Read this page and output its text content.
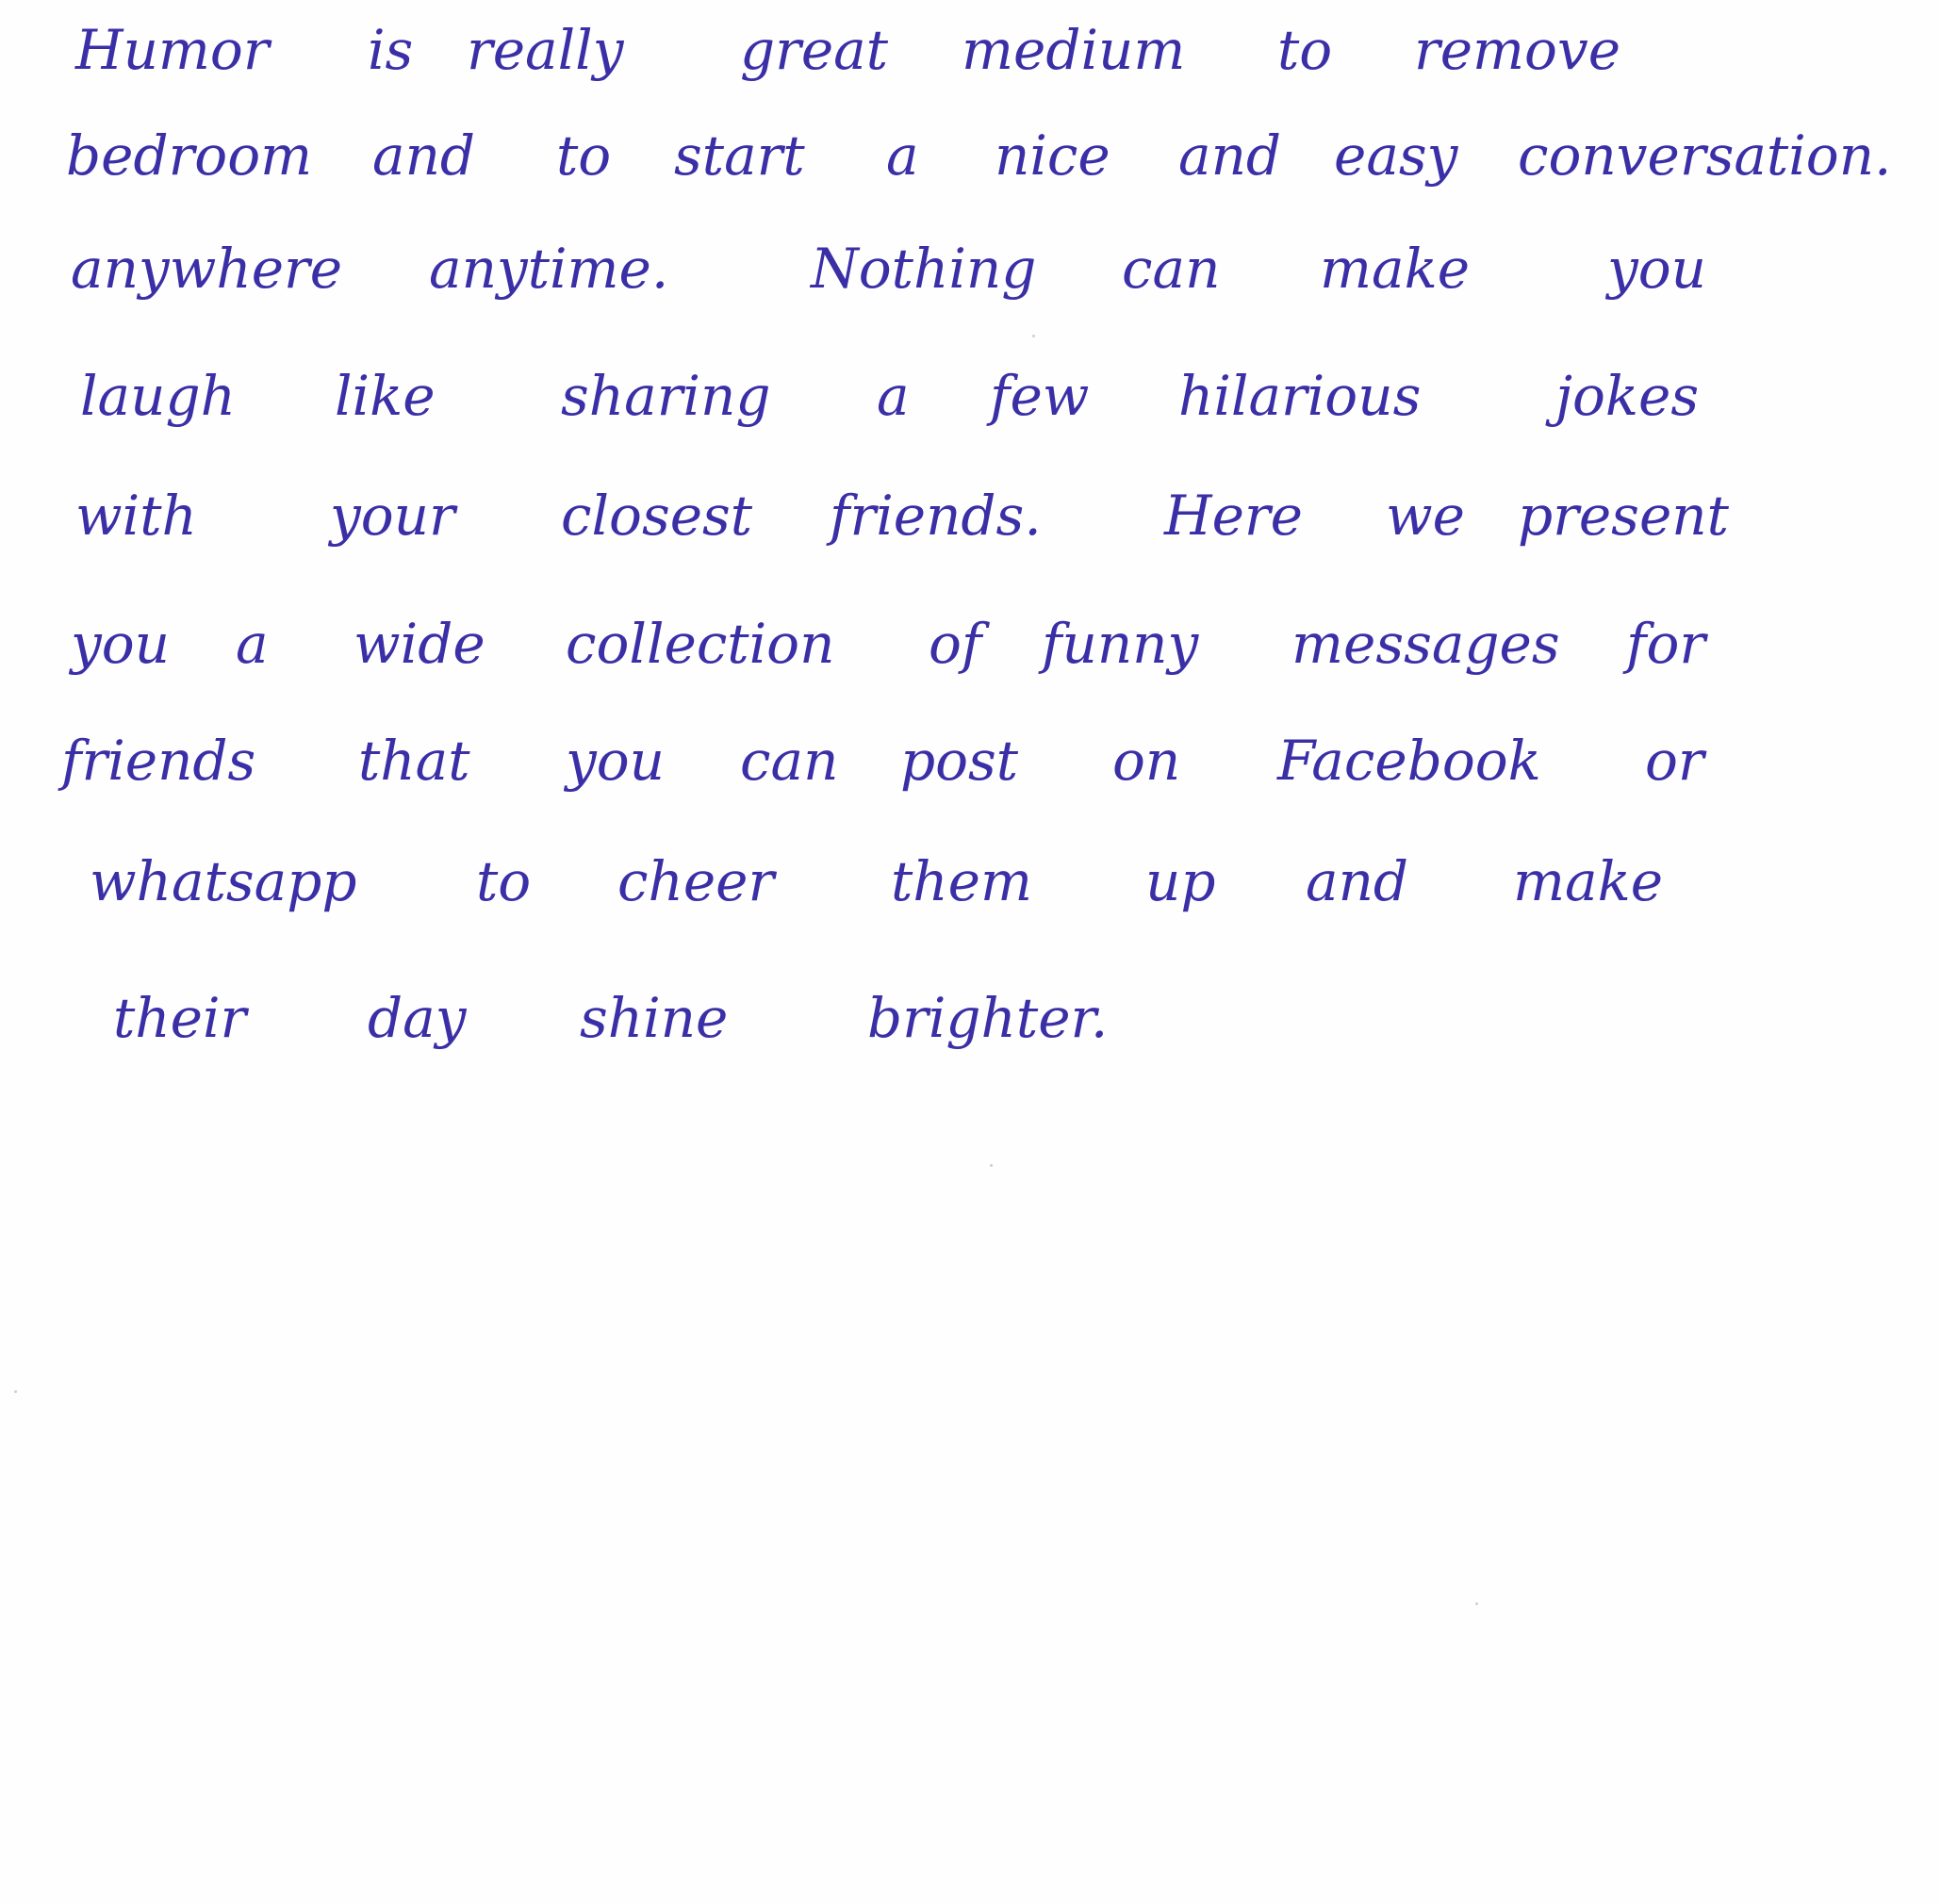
Humor is really great medium to remove
bedroom and to start a nice and easy conversation.
anywhere anytime.	Nothing can make	you
laugh like sharing a few hilarious jokes
with your closest friends. Here we present
you a wide collection of funny messages for
friends that you can post on Facebook or
whatsapp to cheer them up and make
their day shine	brighter.
